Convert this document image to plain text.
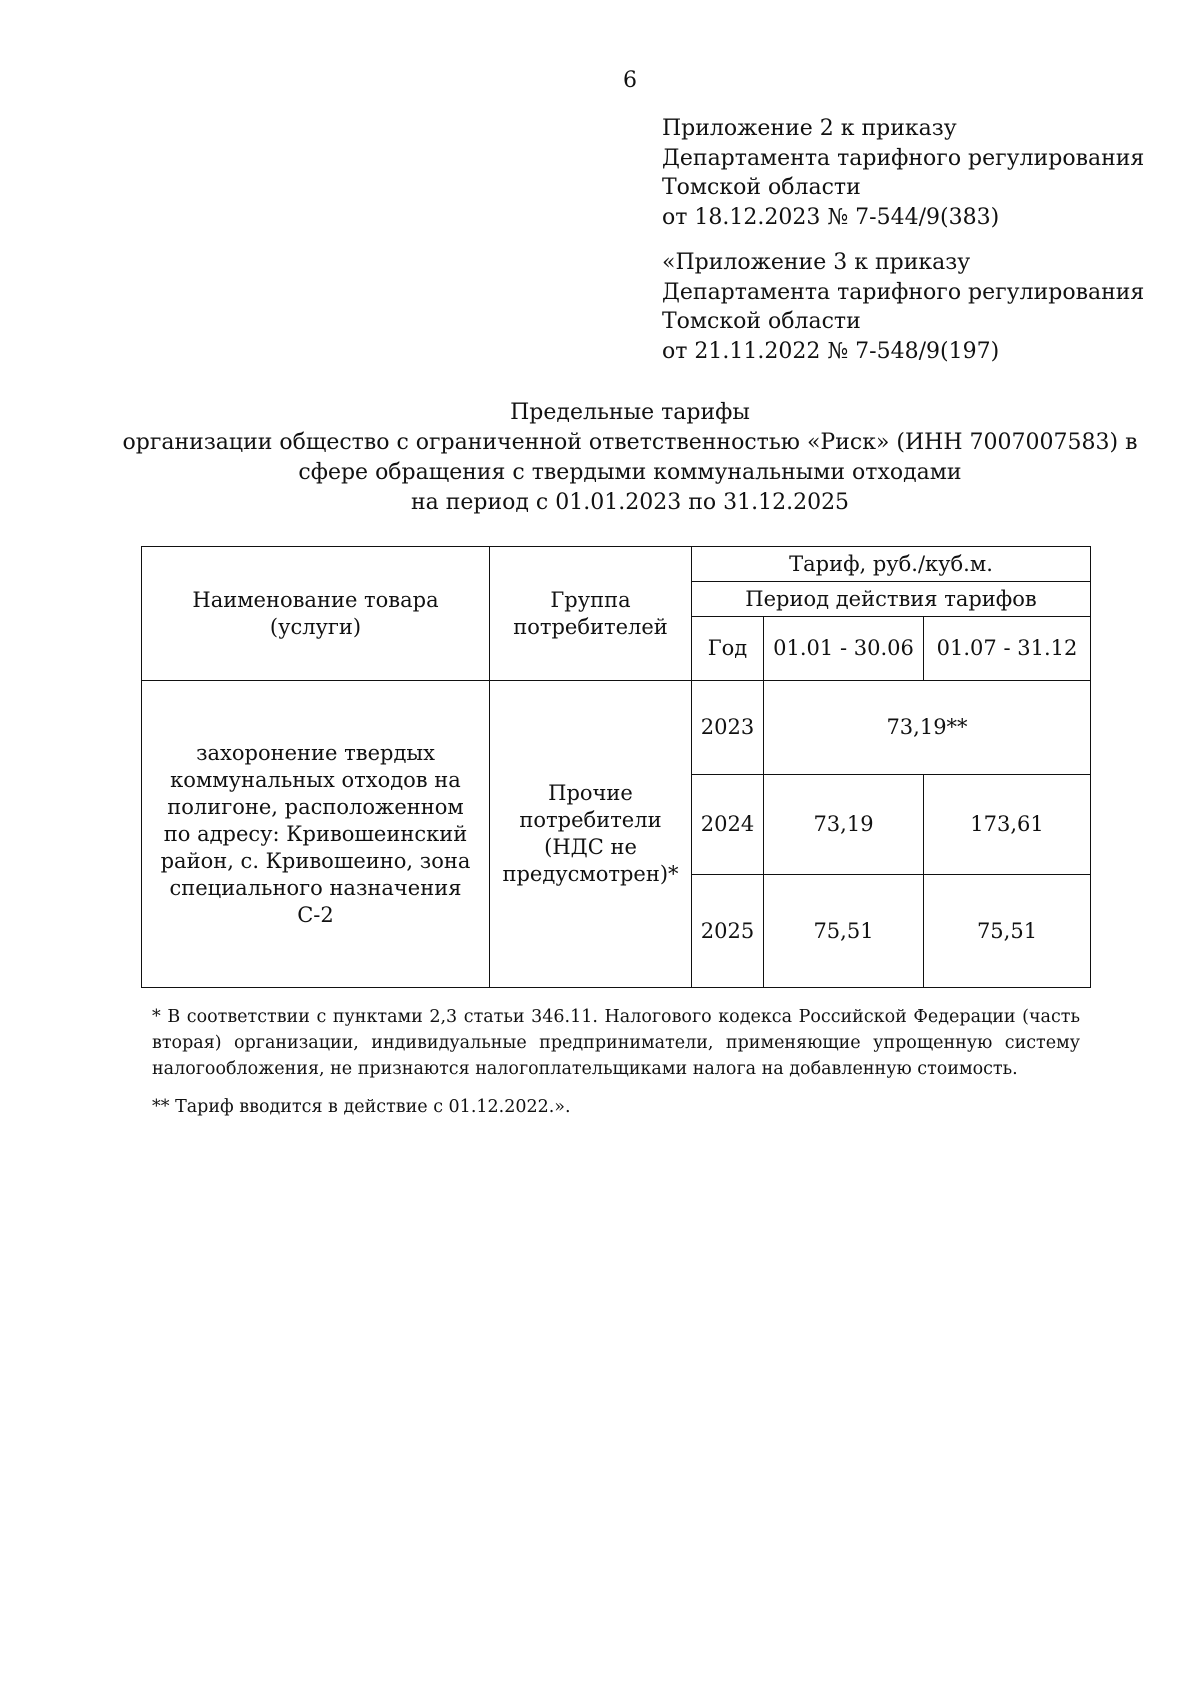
6
Приложение 2 к приказу
Департамента тарифного регулирования
Томской области
от 18.12.2023 № 7-544/9(383)
«Приложение 3 к приказу
Департамента тарифного регулирования
Томской области
от 21.11.2022 № 7-548/9(197)
Предельные тарифы
организации общество с ограниченной ответственностью «Риск» (ИНН 7007007583) в
сфере обращения с твердыми коммунальными отходами
на период с 01.01.2023 по 31.12.2025
Наименование товара (услуги)	Группа потребителей	Тариф, руб./куб.м.		
		Период действия тарифов		
		Год	01.01 - 30.06	01.07 - 31.12
захоронение твердых коммунальных отходов на полигоне, расположенном по адресу: Кривошеинский район, с. Кривошеино, зона специального назначения С-2	Прочие потребители (НДС не предусмотрен)*	2023	73,19**	
		2024	73,19	173,61
		2025	75,51	75,51

* В соответствии с пунктами 2,3 статьи 346.11. Налогового кодекса Российской Федерации (часть вторая) организации, индивидуальные предприниматели, применяющие упрощенную систему налогообложения, не признаются налогоплательщиками налога на добавленную стоимость.

** Тариф вводится в действие с 01.12.2022.».
